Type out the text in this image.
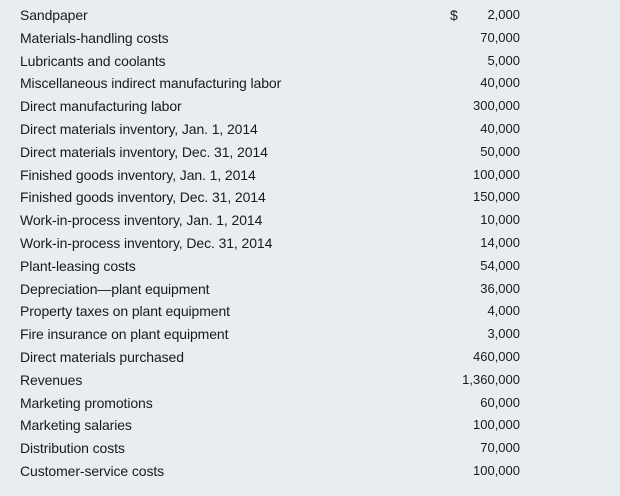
Sandpaper	$ 2,000
Materials-handling costs	70,000
Lubricants and coolants	5,000
Miscellaneous indirect manufacturing labor	40,000
Direct manufacturing labor	300,000
Direct materials inventory, Jan. 1, 2014	40,000
Direct materials inventory, Dec. 31, 2014	50,000
Finished goods inventory, Jan. 1, 2014	100,000
Finished goods inventory, Dec. 31, 2014	150,000
Work-in-process inventory, Jan. 1, 2014	10,000
Work-in-process inventory, Dec. 31, 2014	14,000
Plant-leasing costs	54,000
Depreciation—plant equipment	36,000
Property taxes on plant equipment	4,000
Fire insurance on plant equipment	3,000
Direct materials purchased	460,000
Revenues	1,360,000
Marketing promotions	60,000
Marketing salaries	100,000
Distribution costs	70,000
Customer-service costs	100,000
